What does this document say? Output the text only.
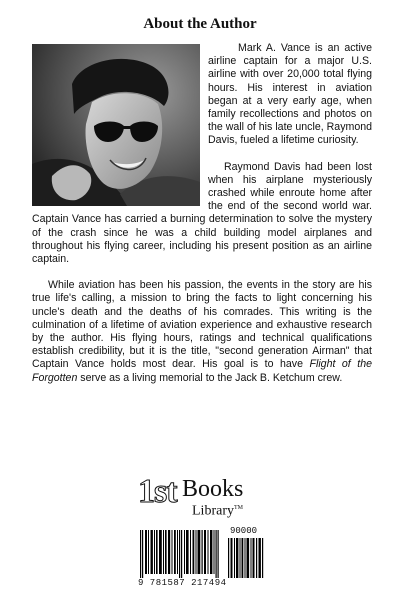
About the Author

Mark A. Vance is an active airline captain for a major U.S. airline with over 20,000 total flying hours. His interest in aviation began at a very early age, when family recollections and photos on the wall of his late uncle, Raymond Davis, fueled a lifetime curiosity.

Raymond Davis had been lost when his airplane mysteriously crashed while enroute home after the end of the second world war. Captain Vance has carried a burning determination to solve the mystery of the crash since he was a child building model airplanes and throughout his flying career, including his present position as an airline captain.

While aviation has been his passion, the events in the story are his true life's calling, a mission to bring the facts to light concerning his uncle's death and the deaths of his comrades. This writing is the culmination of a lifetime of aviation experience and exhaustive research by the author. His flying hours, ratings and technical qualifications establish credibility, but it is the title, "second generation Airman" that Captain Vance holds most dear. His goal is to have Flight of the Forgotten serve as a living memorial to the Jack B. Ketchum crew.

1st Books
Library™
90000
9 781587 217494
